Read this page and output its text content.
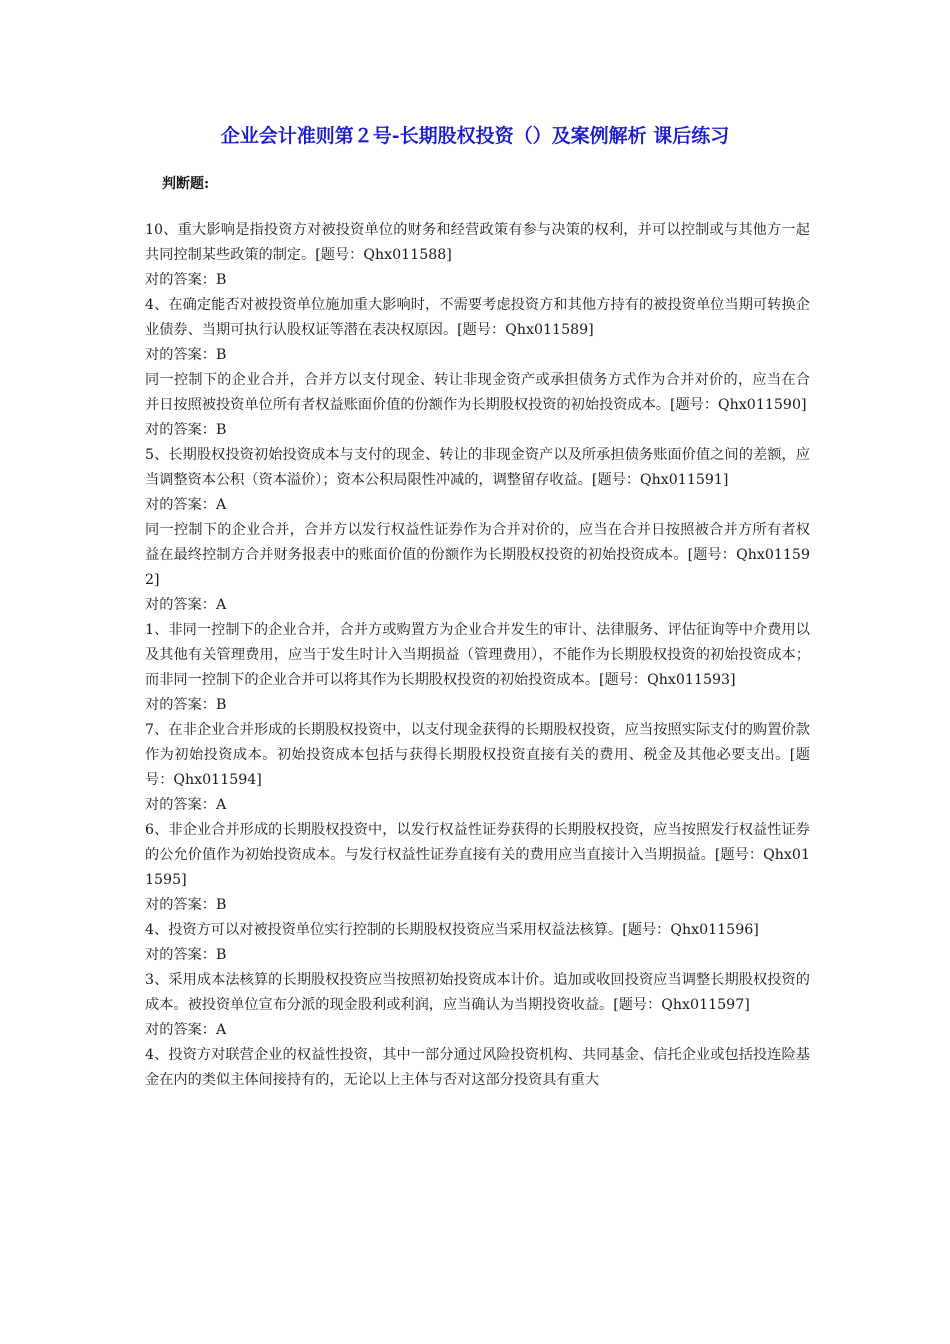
企业会计准则第２号-长期股权投资（）及案例解析 课后练习
判断题:

10、重大影响是指投资方对被投资单位的财务和经营政策有参与决策的权利，并可以控制或与其他方一起共同控制某些政策的制定。[题号：Qhx011588]

对的答案：B

4、在确定能否对被投资单位施加重大影响时，不需要考虑投资方和其他方持有的被投资单位当期可转换企业债券、当期可执行认股权证等潜在表决权原因。[题号：Qhx011589]

对的答案：B

同一控制下的企业合并，合并方以支付现金、转让非现金资产或承担债务方式作为合并对价的，应当在合并日按照被投资单位所有者权益账面价值的份额作为长期股权投资的初始投资成本。[题号：Qhx011590]

对的答案：B

5、长期股权投资初始投资成本与支付的现金、转让的非现金资产以及所承担债务账面价值之间的差额，应当调整资本公积（资本溢价）；资本公积局限性冲减的，调整留存收益。[题号：Qhx011591]

对的答案：A

同一控制下的企业合并，合并方以发行权益性证券作为合并对价的，应当在合并日按照被合并方所有者权益在最终控制方合并财务报表中的账面价值的份额作为长期股权投资的初始投资成本。[题号：Qhx011592]

对的答案：A

1、非同一控制下的企业合并，合并方或购置方为企业合并发生的审计、法律服务、评估征询等中介费用以及其他有关管理费用，应当于发生时计入当期损益（管理费用），不能作为长期股权投资的初始投资成本；而非同一控制下的企业合并可以将其作为长期股权投资的初始投资成本。[题号：Qhx011593]

对的答案：B

7、在非企业合并形成的长期股权投资中，以支付现金获得的长期股权投资，应当按照实际支付的购置价款作为初始投资成本。初始投资成本包括与获得长期股权投资直接有关的费用、税金及其他必要支出。[题号：Qhx011594]

对的答案：A

6、非企业合并形成的长期股权投资中，以发行权益性证券获得的长期股权投资，应当按照发行权益性证券的公允价值作为初始投资成本。与发行权益性证券直接有关的费用应当直接计入当期损益。[题号：Qhx011595]

对的答案：B

4、投资方可以对被投资单位实行控制的长期股权投资应当采用权益法核算。[题号：Qhx011596]

对的答案：B

3、采用成本法核算的长期股权投资应当按照初始投资成本计价。追加或收回投资应当调整长期股权投资的成本。被投资单位宣布分派的现金股利或利润，应当确认为当期投资收益。[题号：Qhx011597]

对的答案：A

4、投资方对联营企业的权益性投资，其中一部分通过风险投资机构、共同基金、信托企业或包括投连险基金在内的类似主体间接持有的，无论以上主体与否对这部分投资具有重大
